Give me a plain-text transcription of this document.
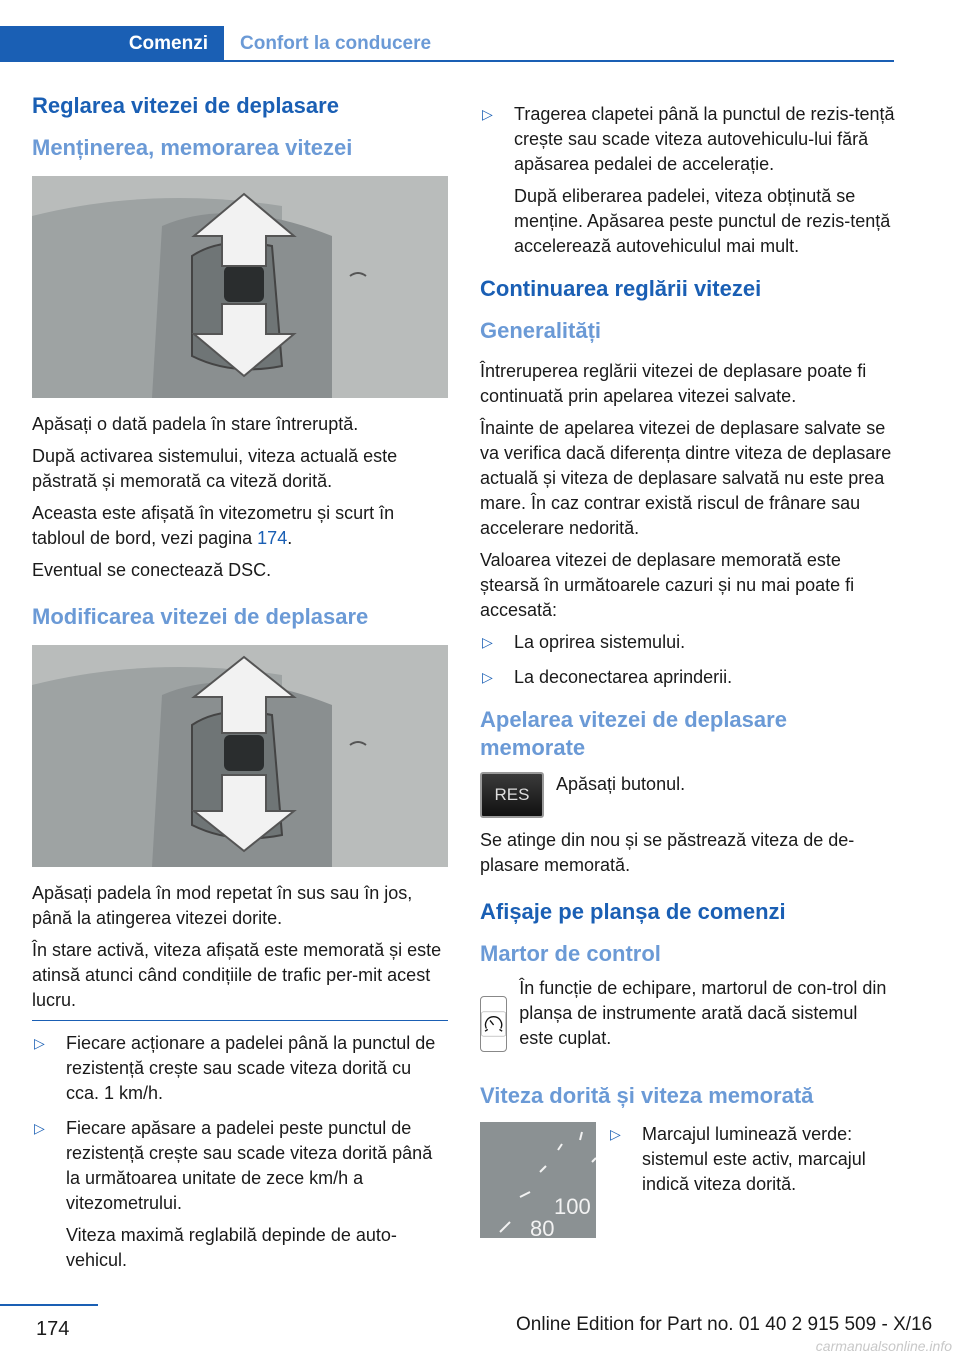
Comenzi	Confort la conducere
Reglarea vitezei de deplasare
Menținerea, memorarea vitezei

Apăsați o dată padela în stare întreruptă.

După activarea sistemului, viteza actuală este păstrată și memorată ca viteză dorită.

Aceasta este afișată în vitezometru și scurt în tabloul de bord, vezi pagina 174.

Eventual se conectează DSC.

Modificarea vitezei de deplasare

Apăsați padela în mod repetat în sus sau în jos, până la atingerea vitezei dorite.

În stare activă, viteza afișată este memorată și este atinsă atunci când condițiile de trafic per‐mit acest lucru.

▷ Fiecare acționare a padelei până la punctul de rezistență crește sau scade viteza dorită cu cca. 1 km/h.
▷ Fiecare apăsare a padelei peste punctul de rezistență crește sau scade viteza dorită până la următoarea unitate de zece km/h a vitezometrului.

Viteza maximă reglabilă depinde de auto‐vehicul.

▷ Tragerea clapetei până la punctul de rezis‐tență crește sau scade viteza autovehiculu‐lui fără apăsarea pedalei de accelerație.

După eliberarea padelei, viteza obținută se menține. Apăsarea peste punctul de rezis‐tență accelerează autovehiculul mai mult.

Continuarea reglării vitezei
Generalități

Întreruperea reglării vitezei de deplasare poate fi continuată prin apelarea vitezei salvate.

Înainte de apelarea vitezei de deplasare salvate se va verifica dacă diferența dintre viteza de deplasare actuală și viteza de deplasare salvată nu este prea mare. În caz contrar există riscul de frânare sau accelerare nedorită.

Valoarea vitezei de deplasare memorată este ștearsă în următoarele cazuri și nu mai poate fi accesată:

▷ La oprirea sistemului.
▷ La deconectarea aprinderii.
Apelarea vitezei de deplasare memorate
RES

Apăsați butonul.

Se atinge din nou și se păstrează viteza de de‐plasare memorată.

Afișaje pe planșa de comenzi
Martor de control

În funcție de echipare, martorul de con‐trol din planșa de instrumente arată dacă sistemul este cuplat.

Viteza dorită și viteza memorată
100
80
▷ Marcajul luminează verde: sistemul este activ, marcajul indică viteza dorită.
174	Online Edition for Part no. 01 40 2 915 509 - X/16
carmanualsonline.info
